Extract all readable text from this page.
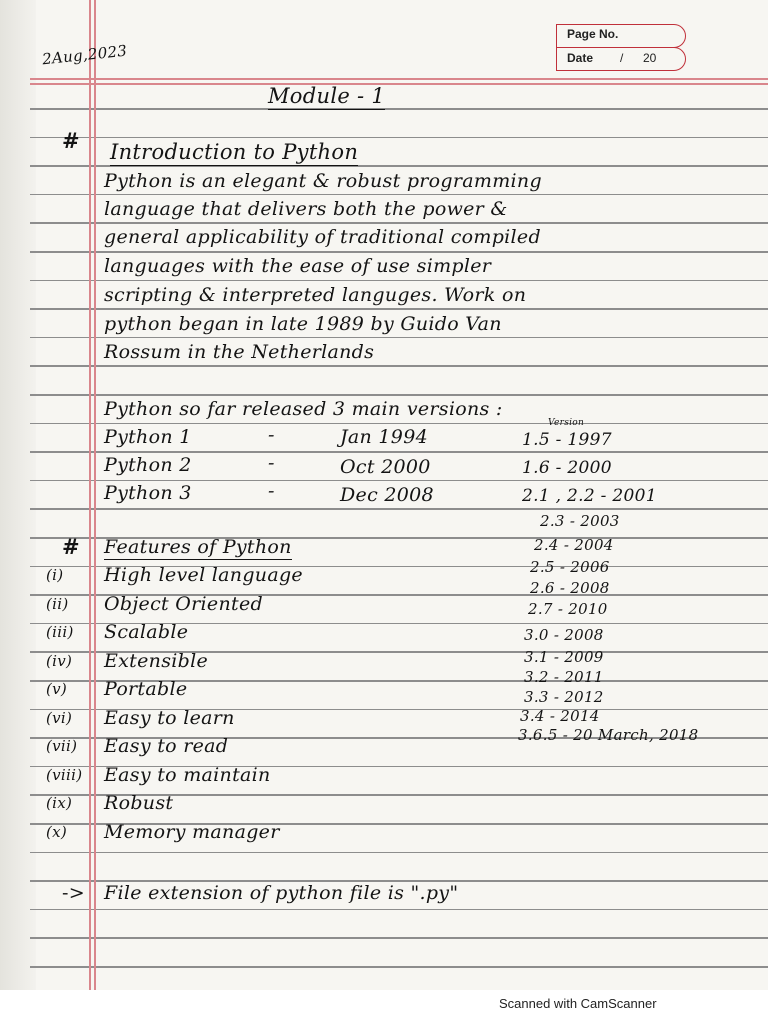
Page No.
Date / 20
2Aug,2023
Module - 1
# Introduction to Python
Python is an elegant & robust programming
language that delivers both the power &
general applicability of traditional compiled
languages with the ease of use simpler
scripting & interpreted languges. Work on
python began in late 1989 by Guido Van
Rossum in the Netherlands
Python so far released 3 main versions :
Version
Python 1	-	Jan 1994	1.5 - 1997
Python 2	-	Oct 2000	1.6 - 2000
Python 3	-	Dec 2008	2.1 , 2.2 - 2001
2.3 - 2003
2.4 - 2004
2.5 - 2006
2.6 - 2008
2.7 - 2010
3.0 - 2008
3.1 - 2009
3.2 - 2011
3.3 - 2012
3.4 - 2014
3.6.5 - 20 March, 2018
# Features of Python
(i) High level language
(ii) Object Oriented
(iii) Scalable
(iv) Extensible
(v) Portable
(vi) Easy to learn
(vii) Easy to read
(viii) Easy to maintain
(ix) Robust
(x) Memory manager
-> File extension of python file is ".py"
Scanned with CamScanner
